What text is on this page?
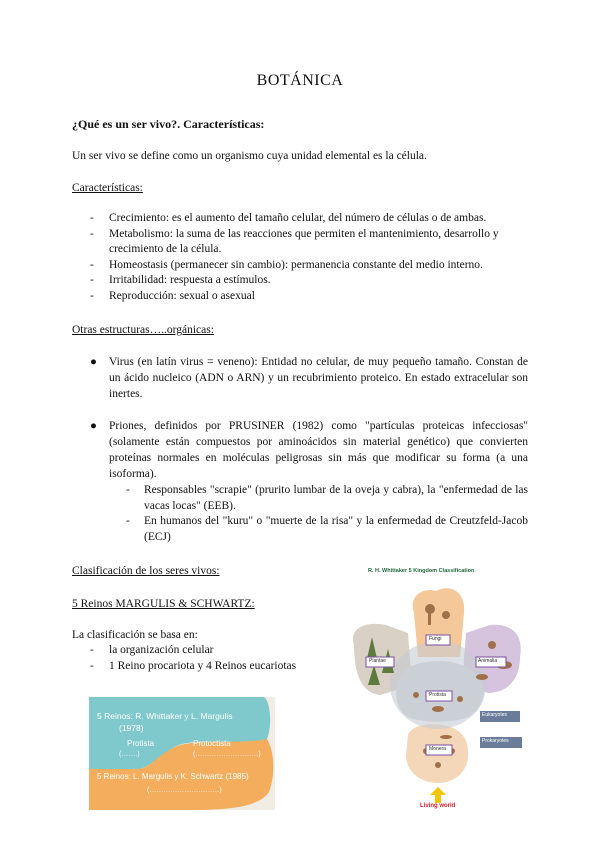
BOTÁNICA
¿Qué es un ser vivo?. Características:
Un ser vivo se define como un organismo cuya unidad elemental es la célula.
Características:
- Crecimiento: es el aumento del tamaño celular, del número de células o de ambas.
- Metabolismo: la suma de las reacciones que permiten el mantenimiento, desarrollo y crecimiento de la célula.
- Homeostasis (permanecer sin cambio): permanencia constante del medio interno.
- Irritabilidad: respuesta a estímulos.
- Reproducción: sexual o asexual
Otras estructuras…..orgánicas:
● Virus (en latín virus = veneno): Entidad no celular, de muy pequeño tamaño. Constan de un ácido nucleico (ADN o ARN) y un recubrimiento proteico. En estado extracelular son inertes.
● Priones, definidos por PRUSINER (1982) como "partículas proteicas infecciosas" (solamente están compuestos por aminoácidos sin material genético) que convierten proteínas normales en moléculas peligrosas sin más que modificar su forma (a una isoforma).
- Responsables "scrapie" (prurito lumbar de la oveja y cabra), la "enfermedad de las vacas locas" (EEB).
- En humanos del "kuru" o "muerte de la risa" y la enfermedad de Creutzfeld-Jacob (ECJ)
Clasificación de los seres vivos:
5 Reinos MARGULIS & SCHWARTZ:
La clasificación se basa en:
- la organización celular
- 1 Reino procariota y 4 Reinos eucariotas
5 Reinos: R. Whittaker y L. Margulis
(1978)
Protista
(…….)
Protoctista
(………………………)
5 Reinos: L. Margulis y K. Schwartz (1985)
(…………………………)
R. H. Whittaker 5 Kingdom Classification
Fungi
Plantae	Animalia
Protista
Monera
Eukaryotes
Prokaryotes
Living world
